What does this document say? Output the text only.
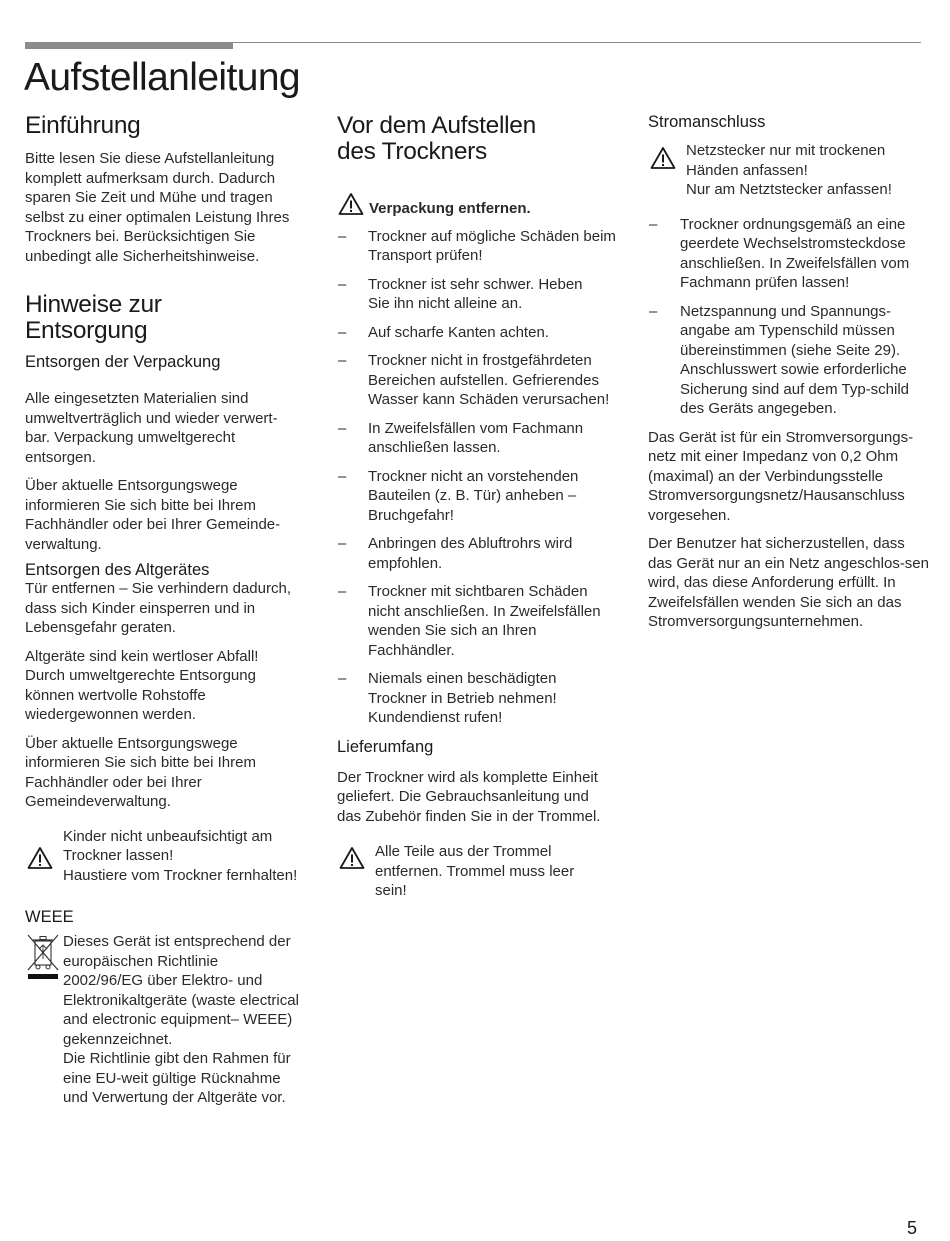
Aufstellanleitung
Einführung

Bitte lesen Sie diese Aufstellanleitung komplett aufmerksam durch. Dadurch sparen Sie Zeit und Mühe und tragen selbst zu einer optimalen Leistung Ihres Trockners bei. Berücksichtigen Sie unbedingt alle Sicherheitshinweise.

Hinweise zur
Entsorgung
Entsorgen der Verpackung

Alle eingesetzten Materialien sind umweltverträglich und wieder verwert-bar. Verpackung umweltgerecht entsorgen.

Über aktuelle Entsorgungswege informieren Sie sich bitte bei Ihrem Fachhändler oder bei Ihrer Gemeinde-verwaltung.

Entsorgen des Altgerätes

Tür entfernen – Sie verhindern dadurch, dass sich Kinder einsperren und in Lebensgefahr geraten.

Altgeräte sind kein wertloser Abfall! Durch umweltgerechte Entsorgung können wertvolle Rohstoffe wiedergewonnen werden.

Über aktuelle Entsorgungswege informieren Sie sich bitte bei Ihrem Fachhändler oder bei Ihrer Gemeindeverwaltung.

Kinder nicht unbeaufsichtigt am Trockner lassen!

Haustiere vom Trockner fernhalten!

WEEE

Dieses Gerät ist entsprechend der europäischen Richtlinie 2002/96/EG über Elektro- und Elektronikaltgeräte (waste electrical and electronic equipment– WEEE) gekennzeichnet.

Die Richtlinie gibt den Rahmen für eine EU-weit gültige Rücknahme und Verwertung der Altgeräte vor.

Vor dem Aufstellen
des Trockners
Verpackung entfernen.

– Trockner auf mögliche Schäden beim Transport prüfen!

– Trockner ist sehr schwer. Heben Sie ihn nicht alleine an.

– Auf scharfe Kanten achten.

– Trockner nicht in frostgefährdeten Bereichen aufstellen. Gefrierendes Wasser kann Schäden verursachen!

– In Zweifelsfällen vom Fachmann anschließen lassen.

– Trockner nicht an vorstehenden Bauteilen (z. B. Tür) anheben – Bruchgefahr!

– Anbringen des Abluftrohrs wird empfohlen.

– Trockner mit sichtbaren Schäden nicht anschließen. In Zweifelsfällen wenden Sie sich an Ihren Fachhändler.

– Niemals einen beschädigten Trockner in Betrieb nehmen! Kundendienst rufen!

Lieferumfang

Der Trockner wird als komplette Einheit geliefert. Die Gebrauchsanleitung und das Zubehör finden Sie in der Trommel.

Alle Teile aus der Trommel entfernen. Trommel muss leer sein!

Stromanschluss

Netzstecker nur mit trockenen Händen anfassen!

Nur am Netztstecker anfassen!

– Trockner ordnungsgemäß an eine geerdete Wechselstromsteckdose anschließen. In Zweifelsfällen vom Fachmann prüfen lassen!

– Netzspannung und Spannungs-angabe am Typenschild müssen übereinstimmen (siehe Seite 29). Anschlusswert sowie erforderliche Sicherung sind auf dem Typ-schild des Geräts angegeben.

Das Gerät ist für ein Stromversorgungs-netz mit einer Impedanz von 0,2 Ohm (maximal) an der Verbindungsstelle Stromversorgungsnetz/Hausanschluss vorgesehen.

Der Benutzer hat sicherzustellen, dass das Gerät nur an ein Netz angeschlos-sen wird, das diese Anforderung erfüllt. In Zweifelsfällen wenden Sie sich an das Stromversorgungsunternehmen.

5
